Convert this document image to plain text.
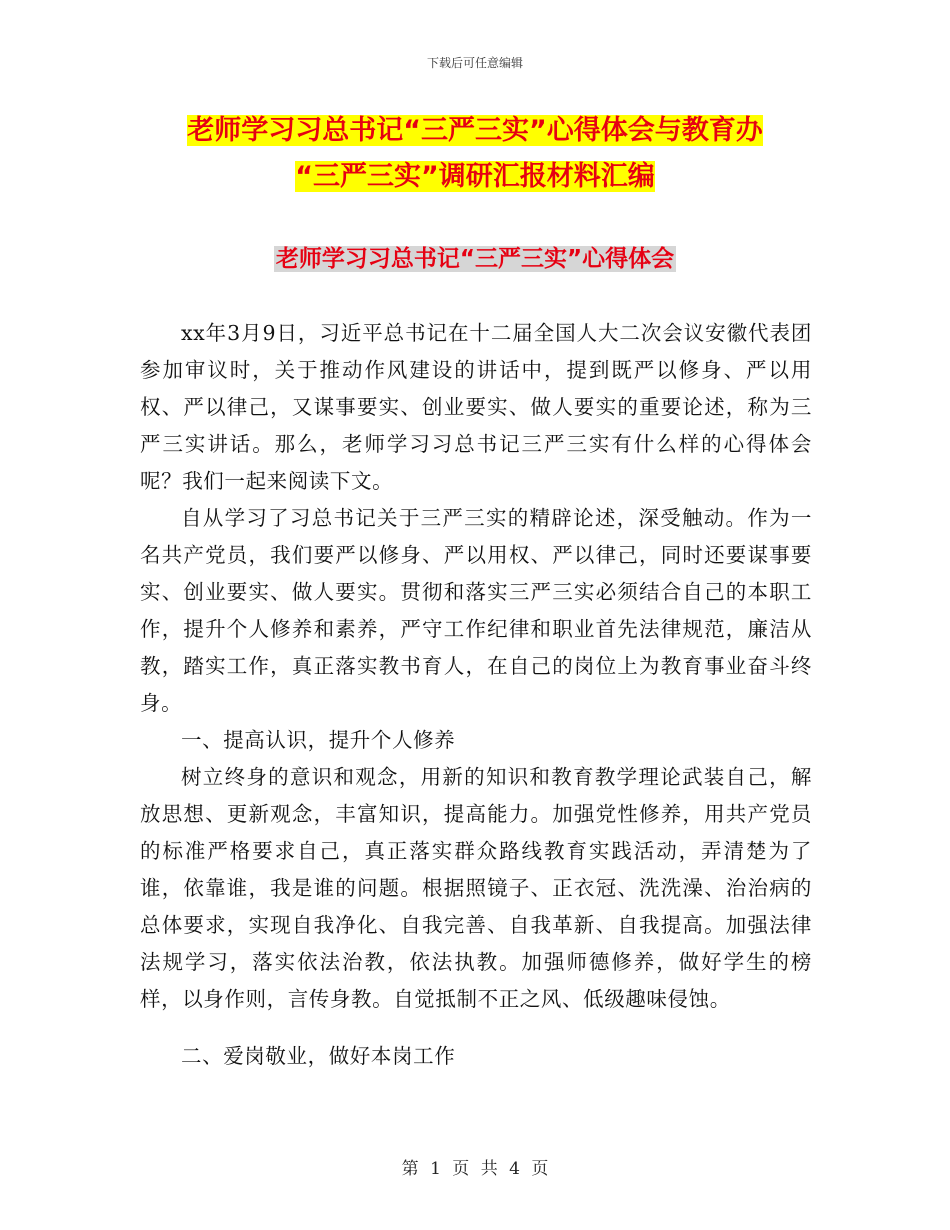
下载后可任意编辑
老师学习习总书记“三严三实”心得体会与教育办
“三严三实”调研汇报材料汇编
老师学习习总书记“三严三实”心得体会

xx年3月9日，习近平总书记在十二届全国人大二次会议安徽代表团参加审议时，关于推动作风建设的讲话中，提到既严以修身、严以用权、严以律己，又谋事要实、创业要实、做人要实的重要论述，称为三严三实讲话。那么，老师学习习总书记三严三实有什么样的心得体会呢？我们一起来阅读下文。

自从学习了习总书记关于三严三实的精辟论述，深受触动。作为一名共产党员，我们要严以修身、严以用权、严以律己，同时还要谋事要实、创业要实、做人要实。贯彻和落实三严三实必须结合自己的本职工作，提升个人修养和素养，严守工作纪律和职业首先法律规范，廉洁从教，踏实工作，真正落实教书育人，在自己的岗位上为教育事业奋斗终身。

一、提高认识，提升个人修养

树立终身的意识和观念，用新的知识和教育教学理论武装自己，解放思想、更新观念，丰富知识，提高能力。加强党性修养，用共产党员的标准严格要求自己，真正落实群众路线教育实践活动，弄清楚为了谁，依靠谁，我是谁的问题。根据照镜子、正衣冠、洗洗澡、治治病的总体要求，实现自我净化、自我完善、自我革新、自我提高。加强法律法规学习，落实依法治教，依法执教。加强师德修养，做好学生的榜样，以身作则，言传身教。自觉抵制不正之风、低级趣味侵蚀。

二、爱岗敬业，做好本岗工作

第 1 页 共 4 页
